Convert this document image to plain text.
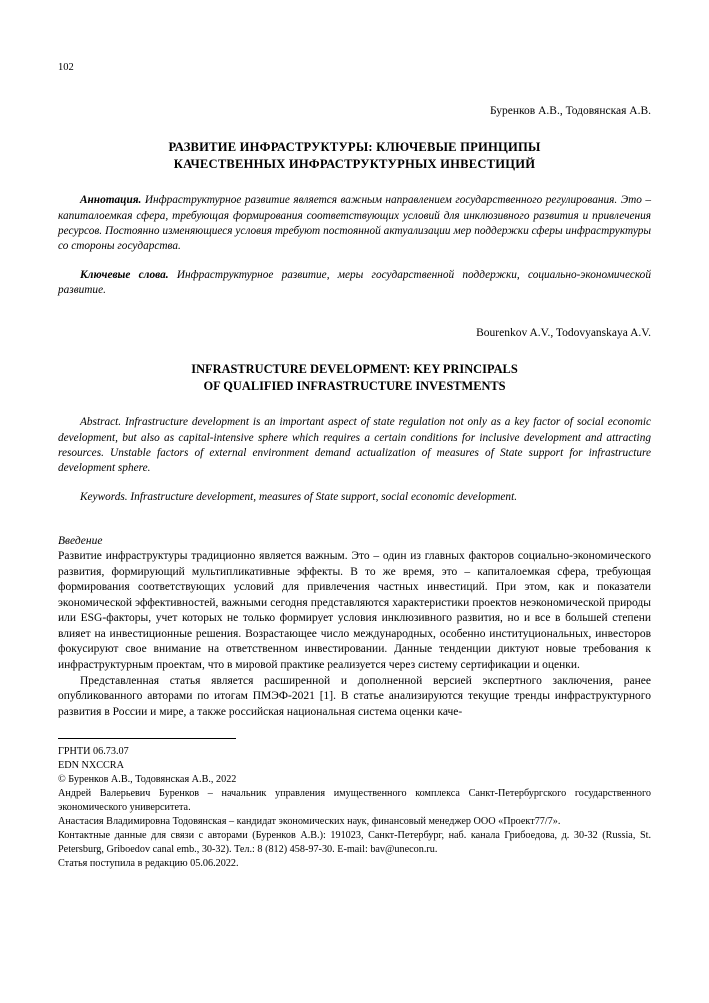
102
Буренков А.В., Тодовянская А.В.
РАЗВИТИЕ ИНФРАСТРУКТУРЫ: КЛЮЧЕВЫЕ ПРИНЦИПЫ
КАЧЕСТВЕННЫХ ИНФРАСТРУКТУРНЫХ ИНВЕСТИЦИЙ
Аннотация. Инфраструктурное развитие является важным направлением государственного регулирования. Это – капиталоемкая сфера, требующая формирования соответствующих условий для инклюзивного развития и привлечения ресурсов. Постоянно изменяющиеся условия требуют постоянной актуализации мер поддержки сферы инфраструктуры со стороны государства.
Ключевые слова. Инфраструктурное развитие, меры государственной поддержки, социально-экономической развитие.
Bourenkov A.V., Todovyanskaya A.V.
INFRASTRUCTURE DEVELOPMENT: KEY PRINCIPALS
OF QUALIFIED INFRASTRUCTURE INVESTMENTS
Abstract. Infrastructure development is an important aspect of state regulation not only as a key factor of social economic development, but also as capital-intensive sphere which requires a certain conditions for inclusive development and attracting resources. Unstable factors of external environment demand actualization of measures of State support for infrastructure development sphere.
Keywords. Infrastructure development, measures of State support, social economic development.
Введение

Развитие инфраструктуры традиционно является важным. Это – один из главных факторов социально-экономического развития, формирующий мультипликативные эффекты. В то же время, это – капиталоемкая сфера, требующая формирования соответствующих условий для привлечения частных инвестиций. При этом, как и показатели экономической эффективностей, важными сегодня представляются характеристики проектов неэкономической природы или ESG-факторы, учет которых не только формирует условия инклюзивного развития, но и все в большей степени влияет на инвестиционные решения. Возрастающее число международных, особенно институциональных, инвесторов фокусируют свое внимание на ответственном инвестировании. Данные тенденции диктуют новые требования к инфраструктурным проектам, что в мировой практике реализуется через систему сертификации и оценки.

Представленная статья является расширенной и дополненной версией экспертного заключения, ранее опубликованного авторами по итогам ПМЭФ-2021 [1]. В статье анализируются текущие тренды инфраструктурного развития в России и мире, а также российская национальная система оценки каче-

ГРНТИ 06.73.07
EDN NXCCRA
© Буренков А.В., Тодовянская А.В., 2022
Андрей Валерьевич Буренков – начальник управления имущественного комплекса Санкт-Петербургского государственного экономического университета.
Анастасия Владимировна Тодовянская – кандидат экономических наук, финансовый менеджер ООО «Проект77/7».
Контактные данные для связи с авторами (Буренков А.В.): 191023, Санкт-Петербург, наб. канала Грибоедова, д. 30-32 (Russia, St. Petersburg, Griboedov canal emb., 30-32). Тел.: 8 (812) 458-97-30. E-mail: bav@unecon.ru.
Статья поступила в редакцию 05.06.2022.
